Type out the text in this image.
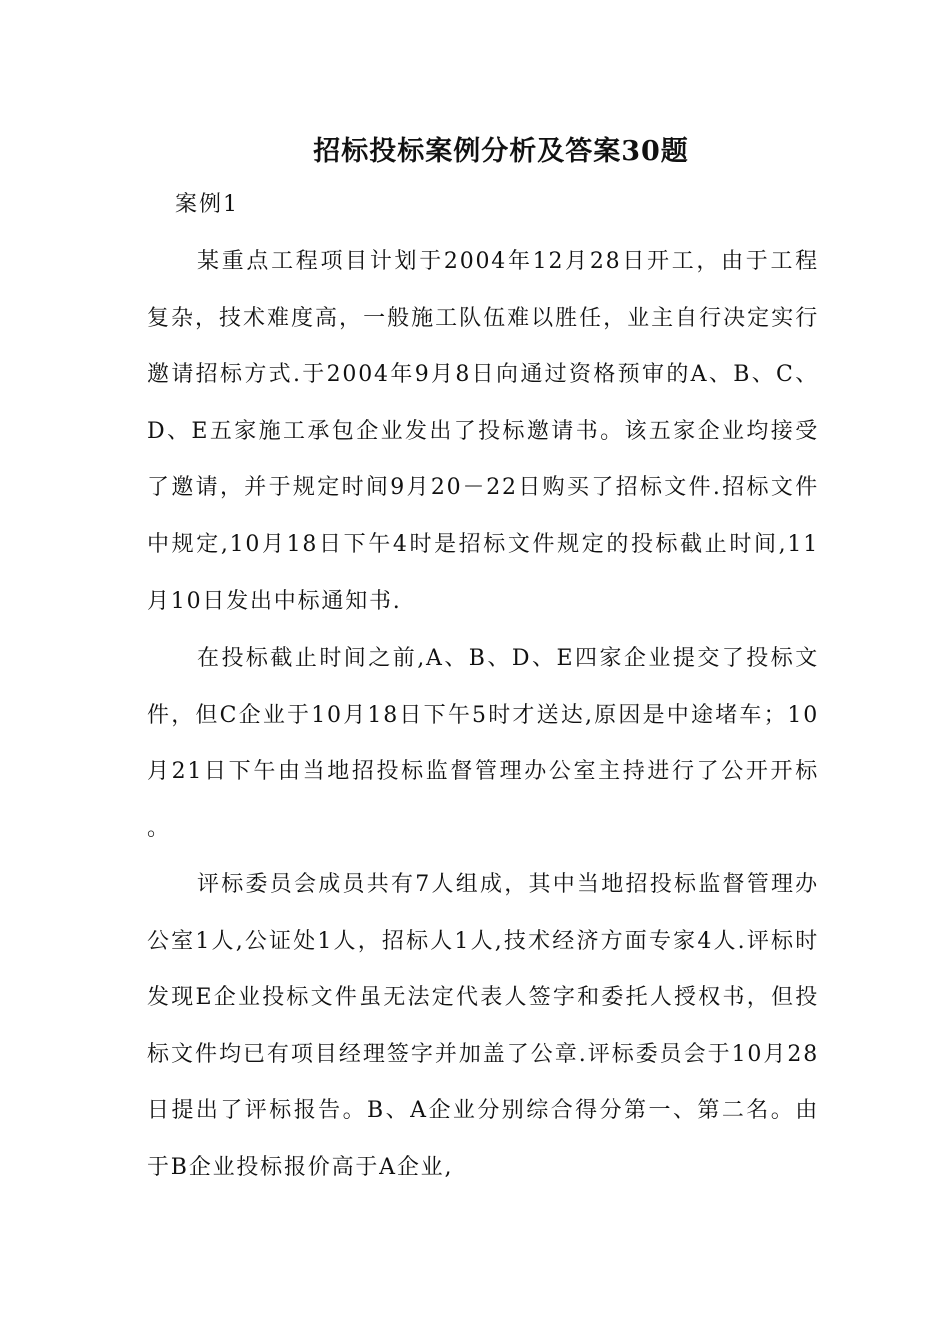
招标投标案例分析及答案30题
案例1

某重点工程项目计划于2004年12月28日开工，由于工程复杂，技术难度高，一般施工队伍难以胜任，业主自行决定实行邀请招标方式.于2004年9月8日向通过资格预审的A、B、C、D、E五家施工承包企业发出了投标邀请书。该五家企业均接受了邀请，并于规定时间9月20－22日购买了招标文件.招标文件中规定,10月18日下午4时是招标文件规定的投标截止时间,11月10日发出中标通知书.

在投标截止时间之前,A、B、D、E四家企业提交了投标文件，但C企业于10月18日下午5时才送达,原因是中途堵车；10月21日下午由当地招投标监督管理办公室主持进行了公开开标。

评标委员会成员共有7人组成，其中当地招投标监督管理办公室1人,公证处1人，招标人1人,技术经济方面专家4人.评标时发现E企业投标文件虽无法定代表人签字和委托人授权书，但投标文件均已有项目经理签字并加盖了公章.评标委员会于10月28日提出了评标报告。B、A企业分别综合得分第一、第二名。由于B企业投标报价高于A企业,
